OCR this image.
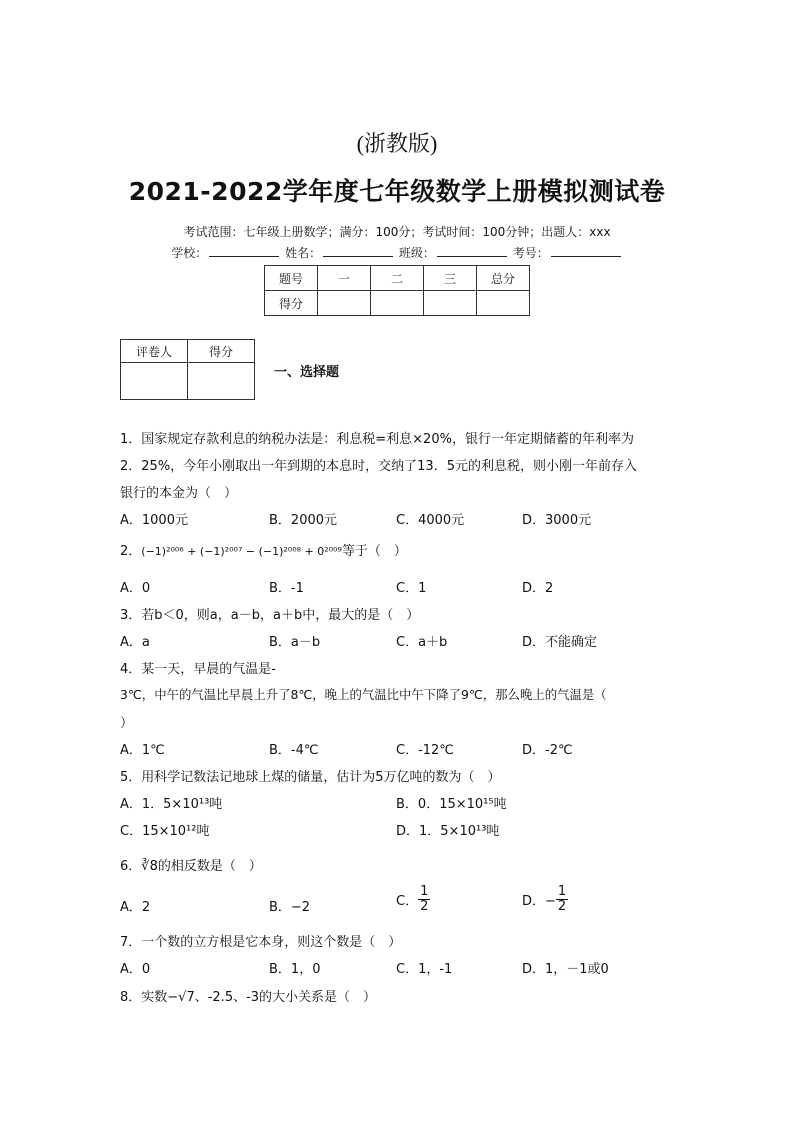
(浙教版)
2021-2022学年度七年级数学上册模拟测试卷
考试范围：七年级上册数学；满分：100分；考试时间：100分钟；出题人：xxx
学校：	姓名：	班级：	考号：
题号	一	二	三	总分
得分				
评卷人	得分

一、选择题
1．国家规定存款利息的纳税办法是：利息税=利息×20%，银行一年定期储蓄的年利率为
2．25%，今年小刚取出一年到期的本息时，交纳了13．5元的利息税，则小刚一年前存入
银行的本金为（　）
A．1000元	B．2000元	C．4000元	D．3000元
2．(−1)²⁰⁰⁶ + (−1)²⁰⁰⁷ − (−1)²⁰⁰⁸ + 0²⁰⁰⁹等于（　）
A．0	B．-1	C．1	D．2
3．若b＜0，则a，a－b，a＋b中，最大的是（　）
A．a	B．a－b	C．a＋b	D．不能确定
4．某一天，早晨的气温是-
3℃，中午的气温比早晨上升了8℃，晚上的气温比中午下降了9℃，那么晚上的气温是（
）
A．1℃	B．-4℃	C．-12℃	D．-2℃
5．用科学记数法记地球上煤的储量，估计为5万亿吨的数为（　）
A．1．5×10¹³吨	B．0．15×10¹⁵吨
C．15×10¹²吨	D．1．5×10¹³吨
6．∛8的相反数是（　）
A．2	B．−2	C． $\frac{1}{2}$	D．− $\frac{1}{2}$
7．一个数的立方根是它本身，则这个数是（　）
A．0	B．1，0	C．1，-1	D．1，－1或0
8．实数−√7、-2.5、-3的大小关系是（　）
